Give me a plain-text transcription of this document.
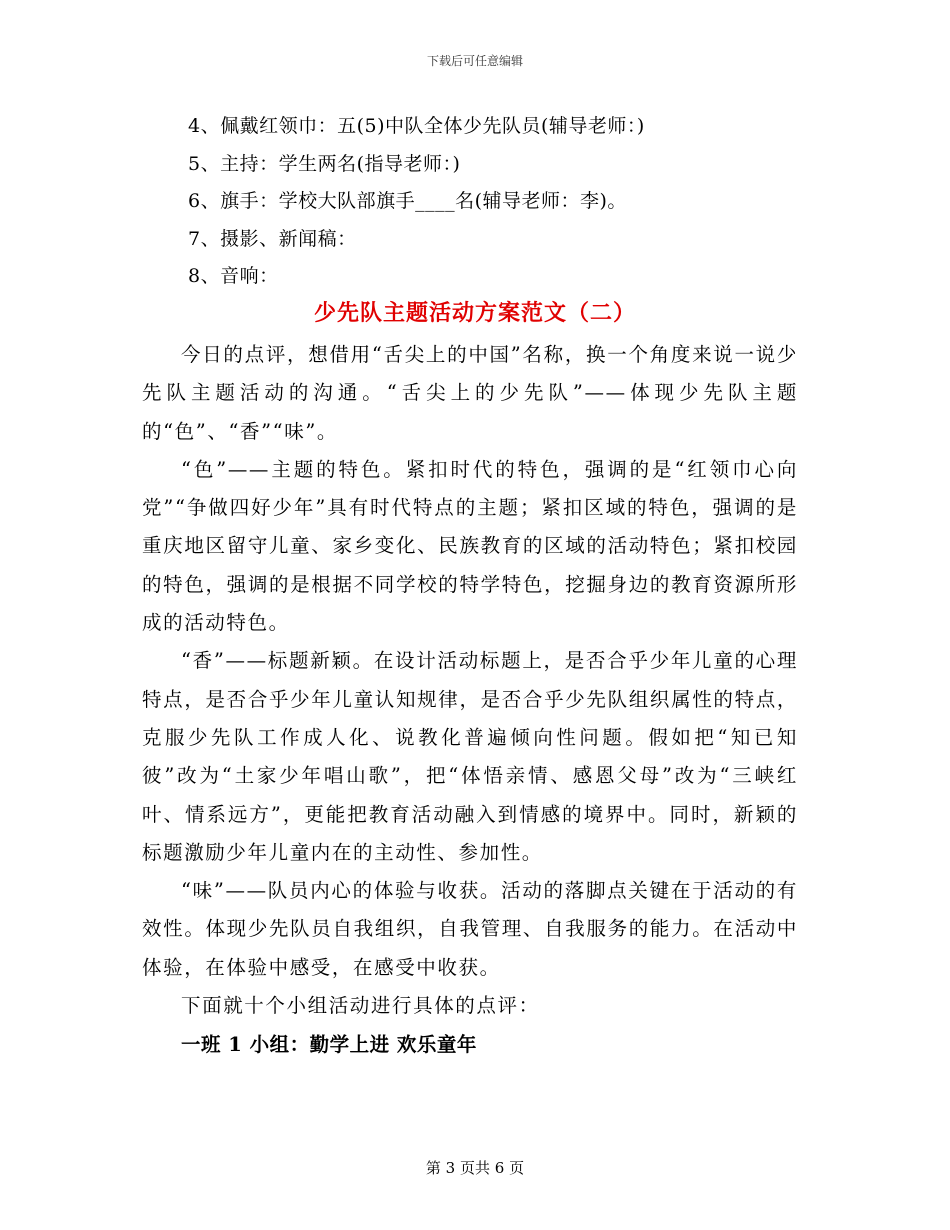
下载后可任意编辑
4、佩戴红领巾：五(5)中队全体少先队员(辅导老师：)
5、主持：学生两名(指导老师：)
6、旗手：学校大队部旗手____名(辅导老师：李)。
7、摄影、新闻稿：
8、音响：
少先队主题活动方案范文（二）

今日的点评，想借用“舌尖上的中国”名称，换一个角度来说一说少先队主题活动的沟通。“舌尖上的少先队”——体现少先队主题的“色”、“香”“味”。

“色”——主题的特色。紧扣时代的特色，强调的是“红领巾心向党”“争做四好少年”具有时代特点的主题；紧扣区域的特色，强调的是重庆地区留守儿童、家乡变化、民族教育的区域的活动特色；紧扣校园的特色，强调的是根据不同学校的特学特色，挖掘身边的教育资源所形成的活动特色。

“香”——标题新颖。在设计活动标题上，是否合乎少年儿童的心理特点，是否合乎少年儿童认知规律，是否合乎少先队组织属性的特点，克服少先队工作成人化、说教化普遍倾向性问题。假如把“知已知彼”改为“土家少年唱山歌”，把“体悟亲情、感恩父母”改为“三峡红叶、情系远方”，更能把教育活动融入到情感的境界中。同时，新颖的标题激励少年儿童内在的主动性、参加性。

“味”——队员内心的体验与收获。活动的落脚点关键在于活动的有效性。体现少先队员自我组织，自我管理、自我服务的能力。在活动中体验，在体验中感受，在感受中收获。

下面就十个小组活动进行具体的点评：

一班 1 小组：勤学上进 欢乐童年

第 3 页共 6 页
